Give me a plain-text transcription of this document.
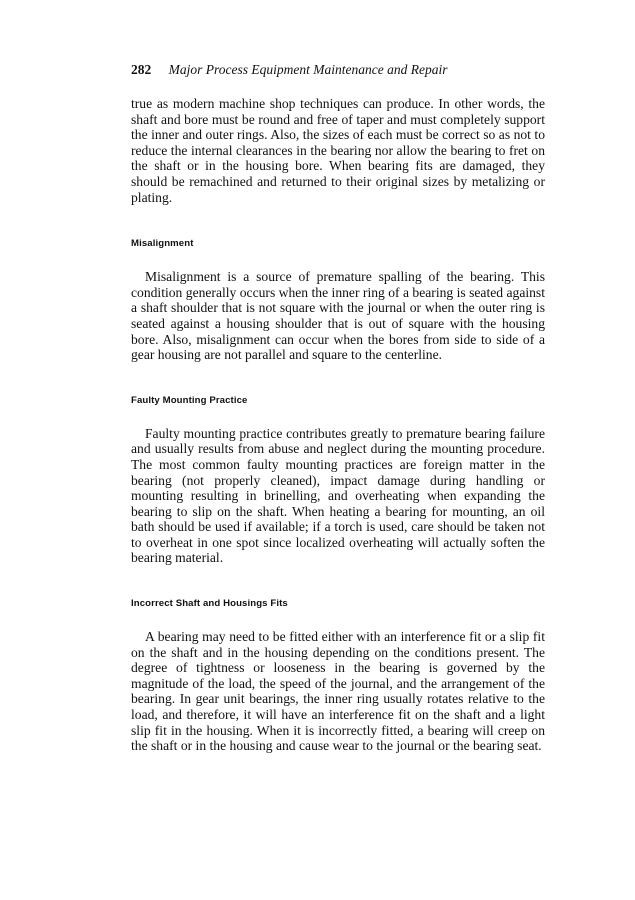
282 Major Process Equipment Maintenance and Repair

true as modern machine shop techniques can produce. In other words, the shaft and bore must be round and free of taper and must completely support the inner and outer rings. Also, the sizes of each must be correct so as not to reduce the internal clearances in the bearing nor allow the bearing to fret on the shaft or in the housing bore. When bearing fits are damaged, they should be remachined and returned to their original sizes by metalizing or plating.

Misalignment

Misalignment is a source of premature spalling of the bearing. This condition generally occurs when the inner ring of a bearing is seated against a shaft shoulder that is not square with the journal or when the outer ring is seated against a housing shoulder that is out of square with the housing bore. Also, misalignment can occur when the bores from side to side of a gear housing are not parallel and square to the centerline.

Faulty Mounting Practice

Faulty mounting practice contributes greatly to premature bearing failure and usually results from abuse and neglect during the mounting procedure. The most common faulty mounting practices are foreign matter in the bearing (not properly cleaned), impact damage during handling or mounting resulting in brinelling, and overheating when expanding the bearing to slip on the shaft. When heating a bearing for mounting, an oil bath should be used if available; if a torch is used, care should be taken not to overheat in one spot since localized overheating will actually soften the bearing material.

Incorrect Shaft and Housings Fits

A bearing may need to be fitted either with an interference fit or a slip fit on the shaft and in the housing depending on the conditions present. The degree of tightness or looseness in the bearing is governed by the magnitude of the load, the speed of the journal, and the arrangement of the bearing. In gear unit bearings, the inner ring usually rotates relative to the load, and therefore, it will have an interference fit on the shaft and a light slip fit in the housing. When it is incorrectly fitted, a bearing will creep on the shaft or in the housing and cause wear to the journal or the bearing seat.
